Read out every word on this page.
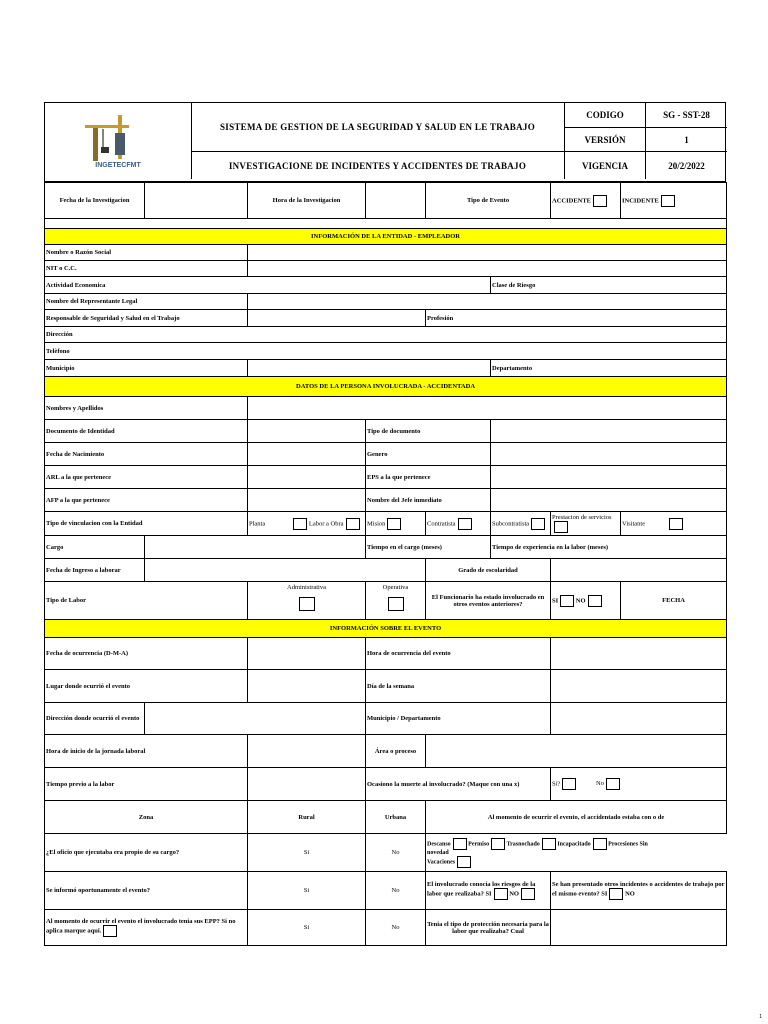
INGETECFMT
SISTEMA DE GESTION DE LA SEGURIDAD Y SALUD EN LE TRABAJO
INVESTIGACIONE DE INCIDENTES Y ACCIDENTES DE TRABAJO
CODIGO	SG - SST-28
VERSIÓN	1
VIGENCIA	20/2/2022
Fecha de la Investigacion		Hora de la Investigacion		Tipo de Evento		ACCIDENTE	INCIDENTE

INFORMACIÓN DE LA ENTIDAD - EMPLEADOR							
Nombre o Razón Social							
NIT o C.C.							
Actividad Economica					Clase de Riesgo		
Nombre del Representante Legal							
Responsable de Seguridad y Salud en el Trabajo				Profesión			
Dirección							
Telèfono							
Municipio					Departamento		
DATOS DE LA PERSONA INVOLUCRADA - ACCIDENTADA							
Nombres y Apellidos							
Documento de Identidad			Tipo de documento				
Fecha de Nacimiento			Genero				
ARL a la que pertenece			EPS a la que pertenece				
AFP a la que pertenece			Nombre del Jefe inmediato				
Tipo de vinculacion con la Entidad		Planta Labor a Obra	Mision	Contratista	Subcontratista	Prestacion de servicios	Visitante
Cargo			Tiempo en el cargo (meses)		Tiempo de experiencia en la labor (meses)		
Fecha de Ingreso a laborar				Grado de escolaridad			
Tipo de Labor		Administrativa	Operativa	El Funcionario ha estado involucrado en otros eventos anteriores?		SI NO	FECHA
INFORMACIÓN SOBRE EL EVENTO							
Fecha de ocurrencia (D-M-A)			Hora de ocurrencia del evento				
Lugar donde ocurrió el evento			Día de la semana				
Dirección donde ocurrió el evento			Municipio / Departamento				
Hora de inicio de la jornada laboral			Área o proceso				
Tiempo previo a la labor			Ocasiono la muerte al involucrado? (Maque con una x)			Si? No	
Zona		Rural	Urbana	Al momento de ocurrir el evento, el accidentado estaba con o de			
¿El oficio que ejecutaba era propio de su cargo?		Si	No	Descanso Permiso Trasnochado Incapacitado Procesiones Sin
novedad
Vacaciones			
Se informó oportunamente el evento?		Si	No	El involucrado conocía los riesgos de la labor que realizaba? SI NO		Se han presentado otros incidentes o accidentes de trabajo por el mismo evento? SI NO	
Al momento de ocurrir el evento el involucrado tenia sus EPP? Si no aplica marque aquí.		Si	No	Tenia el tipo de protección necesaria para la labor que realizaba? Cual			
1
